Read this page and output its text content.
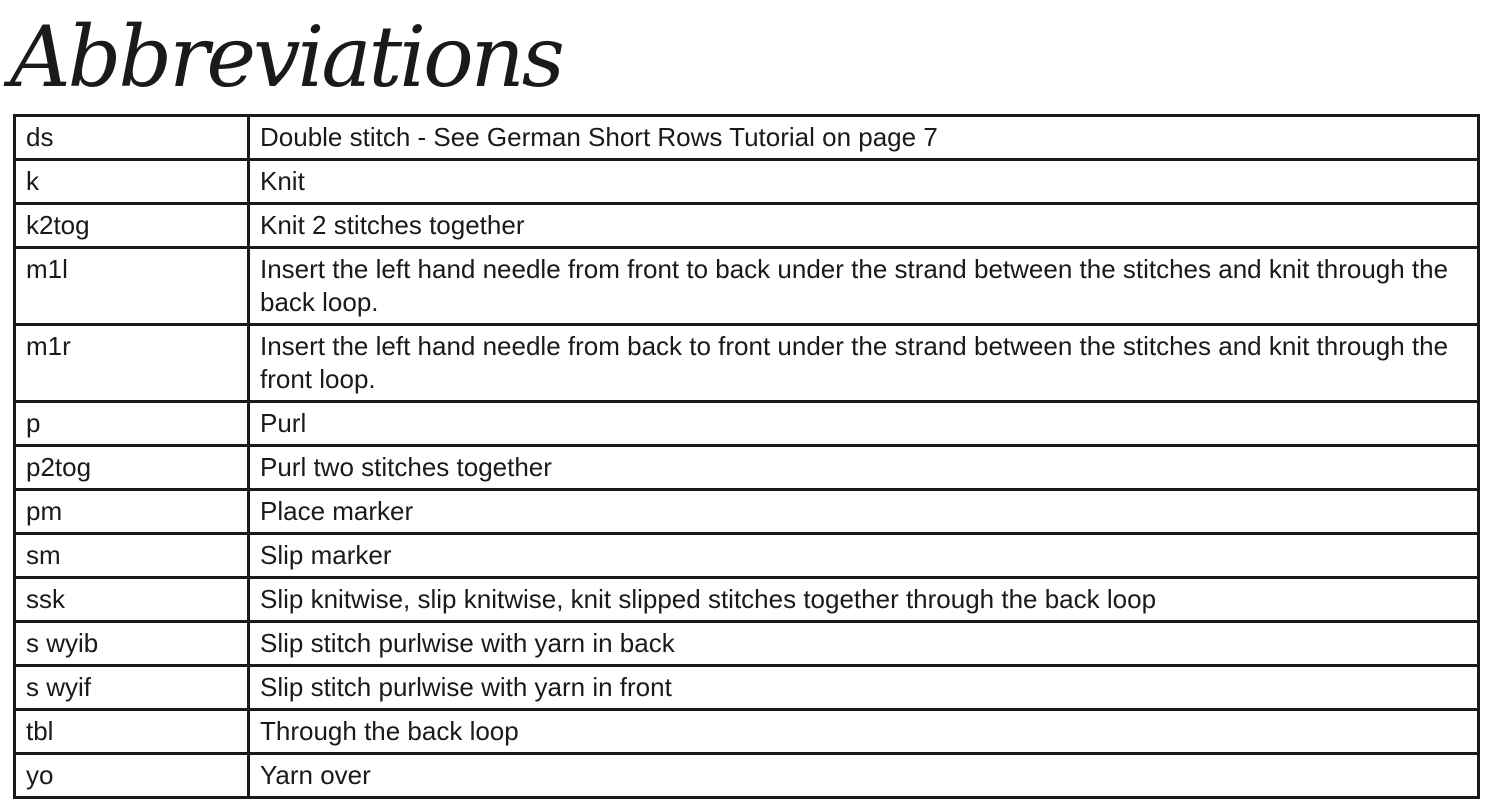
Abbreviations
ds	Double stitch - See German Short Rows Tutorial on page 7
k	Knit
k2tog	Knit 2 stitches together
m1l	Insert the left hand needle from front to back under the strand between the stitches and knit through the back loop.
m1r	Insert the left hand needle from back to front under the strand between the stitches and knit through the front loop.
p	Purl
p2tog	Purl two stitches together
pm	Place marker
sm	Slip marker
ssk	Slip knitwise, slip knitwise, knit slipped stitches together through the back loop
s wyib	Slip stitch purlwise with yarn in back
s wyif	Slip stitch purlwise with yarn in front
tbl	Through the back loop
yo	Yarn over
